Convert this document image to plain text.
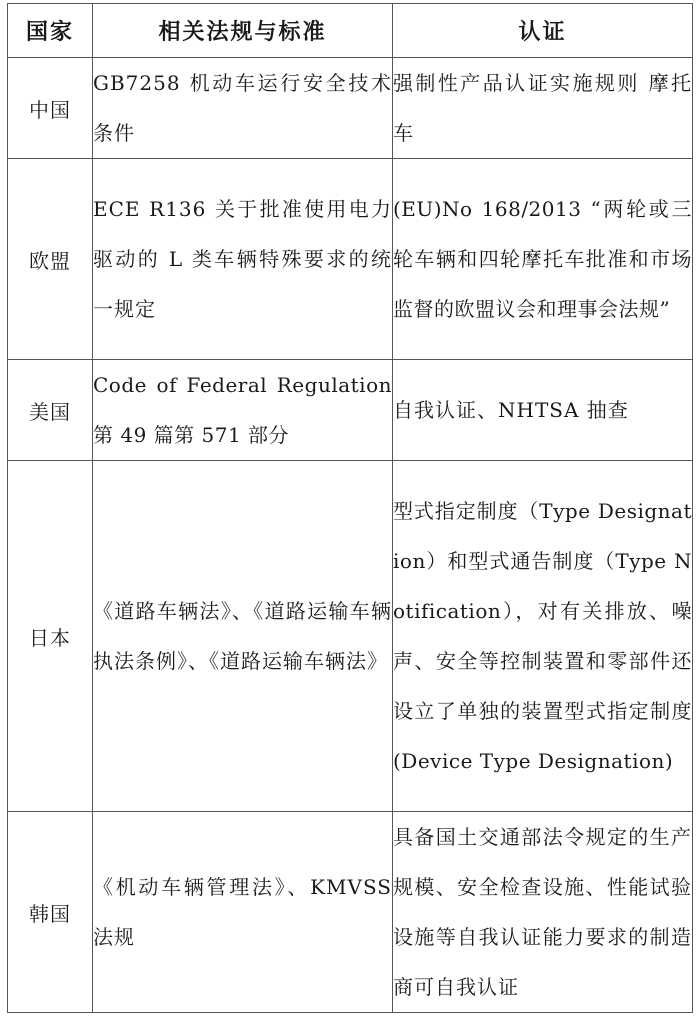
国家	相关法规与标准	认证
中国	GB7258 机动车运行安全技术条件	强制性产品认证实施规则 摩托车

欧盟	ECE R136 关于批准使用电力驱动的 L 类车辆特殊要求的统一规定	(EU)No 168/2013 “两轮或三轮车辆和四轮摩托车批准和市场监督的欧盟议会和理事会法规”

美国	Code of Federal Regulation 第 49 篇第 571 部分	自我认证、NHTSA 抽查

日本	《道路车辆法》、《道路运输车辆执法条例》、《道路运输车辆法》	型式指定制度（Type Designation）和型式通告制度（Type Notification），对有关排放、噪声、安全等控制装置和零部件还设立了单独的装置型式指定制度(Device Type Designation)

韩国	《机动车辆管理法》、KMVSS 法规	具备国土交通部法令规定的生产规模、安全检查设施、性能试验设施等自我认证能力要求的制造商可自我认证
